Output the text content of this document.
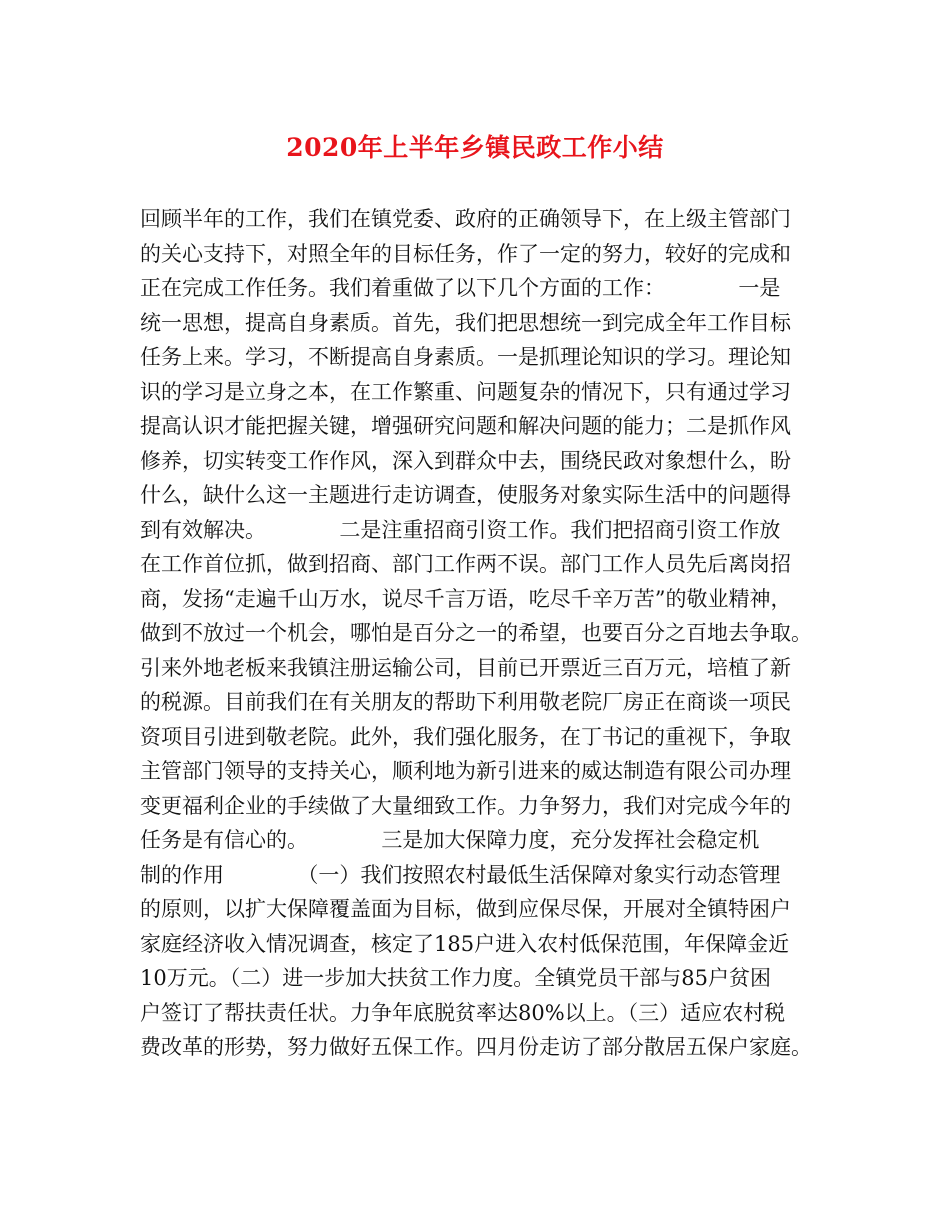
2020年上半年乡镇民政工作小结
回顾半年的工作，我们在镇党委、政府的正确领导下，在上级主管部门
的关心支持下，对照全年的目标任务，作了一定的努力，较好的完成和
正在完成工作任务。我们着重做了以下几个方面的工作：           一是
统一思想，提高自身素质。首先，我们把思想统一到完成全年工作目标
任务上来。学习，不断提高自身素质。一是抓理论知识的学习。理论知
识的学习是立身之本，在工作繁重、问题复杂的情况下，只有通过学习
提高认识才能把握关键，增强研究问题和解决问题的能力；二是抓作风
修养，切实转变工作作风，深入到群众中去，围绕民政对象想什么，盼
什么，缺什么这一主题进行走访调查，使服务对象实际生活中的问题得
到有效解决。           二是注重招商引资工作。我们把招商引资工作放
在工作首位抓，做到招商、部门工作两不误。部门工作人员先后离岗招
商，发扬“走遍千山万水，说尽千言万语，吃尽千辛万苦”的敬业精神，
做到不放过一个机会，哪怕是百分之一的希望，也要百分之百地去争取。
引来外地老板来我镇注册运输公司，目前已开票近三百万元，培植了新
的税源。目前我们在有关朋友的帮助下利用敬老院厂房正在商谈一项民
资项目引进到敬老院。此外，我们强化服务，在丁书记的重视下，争取
主管部门领导的支持关心，顺利地为新引进来的威达制造有限公司办理
变更福利企业的手续做了大量细致工作。力争努力，我们对完成今年的
任务是有信心的。           三是加大保障力度，充分发挥社会稳定机
制的作用           （一）我们按照农村最低生活保障对象实行动态管理
的原则，以扩大保障覆盖面为目标，做到应保尽保，开展对全镇特困户
家庭经济收入情况调查，核定了185户进入农村低保范围，年保障金近
10万元。（二）进一步加大扶贫工作力度。全镇党员干部与85户贫困
户签订了帮扶责任状。力争年底脱贫率达80%以上。（三）适应农村税
费改革的形势，努力做好五保工作。四月份走访了部分散居五保户家庭。
